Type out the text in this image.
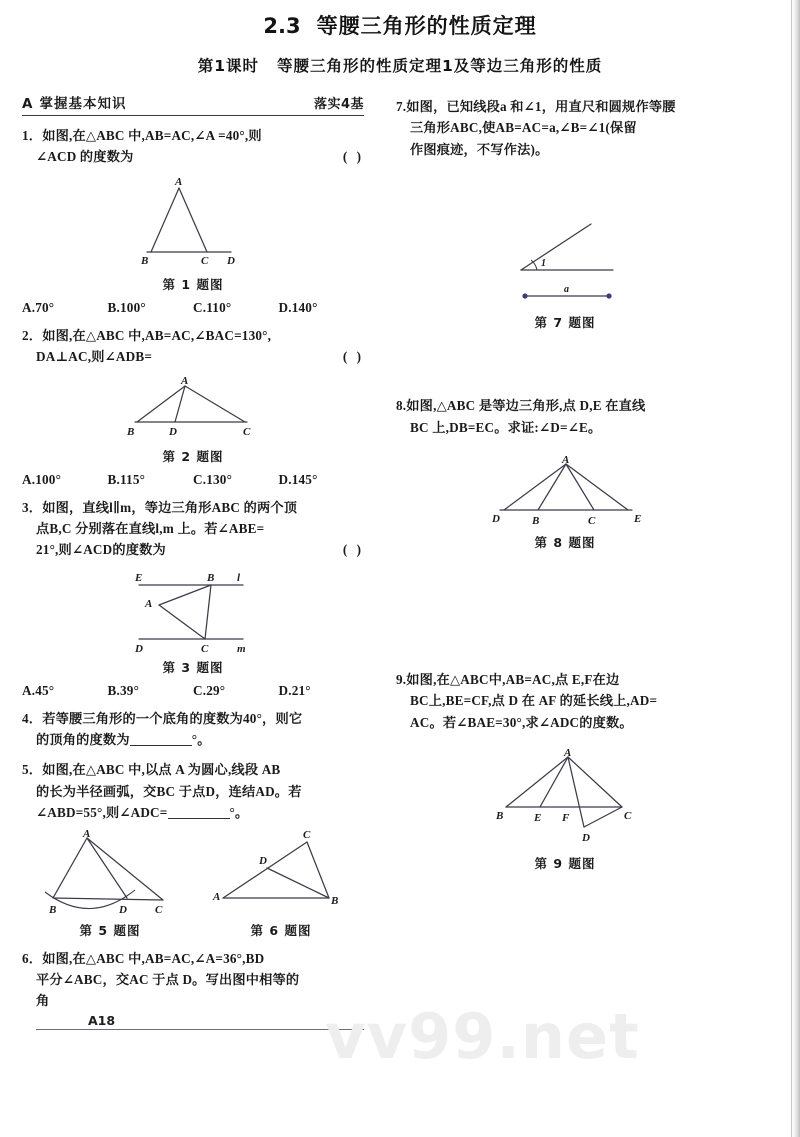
2.3 等腰三角形的性质定理
第1课时 等腰三角形的性质定理1及等边三角形的性质
A 掌握基本知识	落实4基
1．如图,在△ABC 中,AB=AC,∠A =40°,则
( )
∠ACD 的度数为
A
B	C D
第 1 题图
A.70°	B.100°	C.110°	D.140°
2．如图,在△ABC 中,AB=AC,∠BAC=130°,
( )
DA⊥AC,则∠ADB=
A
B	D	C
第 2 题图
A.100°	B.115°	C.130°	D.145°
3．如图，直线l∥m，等边三角形ABC 的两个顶
点B,C 分别落在直线l,m 上。若∠ABE=
( )
21°,则∠ACD的度数为
E	B l
A
D	C	m
第 3 题图
A.45°	B.39°	C.29°	D.21°
4．若等腰三角形的一个底角的度数为40°，则它
的顶角的度数为	°。
5．如图,在△ABC 中,以点 A 为圆心,线段 AB
的长为半径画弧，交BC 于点D，连结AD。若
∠ABD=55°,则∠ADC=	°。
B	D	C
A
第 5 题图
C
D
A	B
第 6 题图
6．如图,在△ABC 中,AB=AC,∠A=36°,BD
平分∠ABC，交AC 于点 D。写出图中相等的
角
7.如图，已知线段a 和∠1，用直尺和圆规作等腰
三角形ABC,使AB=AC=a,∠B=∠1(保留
作图痕迹，不写作法)。
1
a
第 7 题图
8.如图,△ABC 是等边三角形,点 D,E 在直线
BC 上,DB=EC。求证:∠D=∠E。
A
D	B	C	E
第 8 题图
9.如图,在△ABC中,AB=AC,点 E,F在边
BC上,BE=CF,点 D 在 AF 的延长线上,AD=
AC。若∠BAE=30°,求∠ADC的度数。
B	E F	C
D
A
第 9 题图
A18	vv99.net
